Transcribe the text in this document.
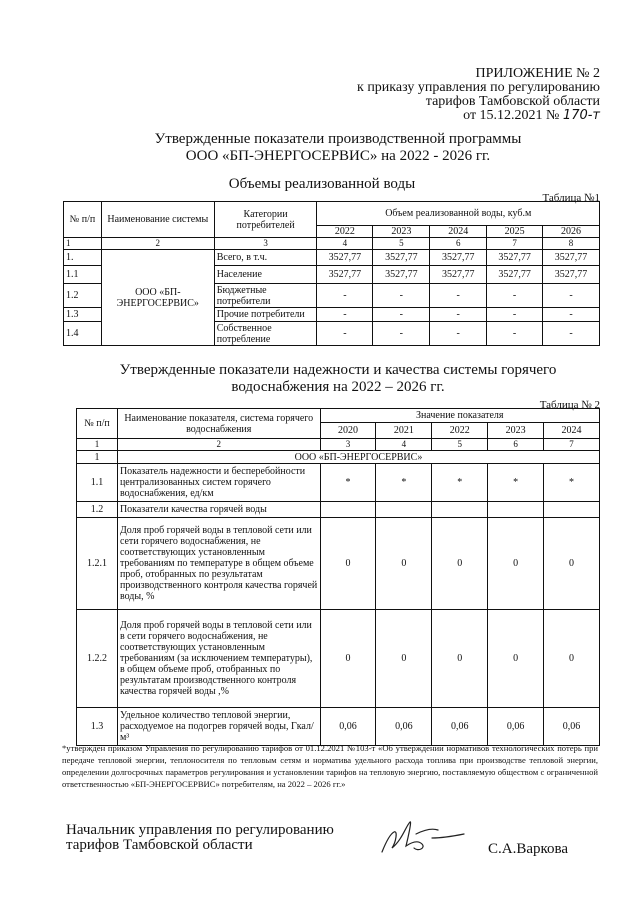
ПРИЛОЖЕНИЕ № 2
к приказу управления по регулированию
тарифов Тамбовской области
от 15.12.2021 № 170-т
Утвержденные показатели производственной программы
ООО «БП-ЭНЕРГОСЕРВИС» на 2022 - 2026 гг.
Объемы реализованной воды
Таблица №1
№ п/п	Наименование системы	Категории потребителей	Объем реализованной воды, куб.м				
			2022	2023	2024	2025	2026
1	2	3	4	5	6	7	8
1.	ООО «БП-ЭНЕРГОСЕРВИС»	Всего, в т.ч.	3527,77	3527,77	3527,77	3527,77	3527,77
1.1		Население	3527,77	3527,77	3527,77	3527,77	3527,77
1.2		Бюджетные потребители	-	-	-	-	-
1.3		Прочие потребители	-	-	-	-	-
1.4		Собственное потребление	-	-	-	-	-
Утвержденные показатели надежности и качества системы горячего
водоснабжения на 2022 – 2026 гг.
Таблица № 2
№ п/п	Наименование показателя, система горячего водоснабжения	Значение показателя				
		2020	2021	2022	2023	2024
1	2	3	4	5	6	7
1	ООО «БП-ЭНЕРГОСЕРВИС»					
1.1	Показатель надежности и бесперебойности централизованных систем горячего водоснабжения, ед/км	*	*	*	*	*
1.2	Показатели качества горячей воды					
1.2.1	Доля проб горячей воды в тепловой сети или сети горячего водоснабжения, не соответствующих установленным требованиям по температуре в общем объеме проб, отобранных по результатам производственного контроля качества горячей воды, %	0	0	0	0	0
1.2.2	Доля проб горячей воды в тепловой сети или в сети горячего водоснабжения, не соответствующих установленным требованиям (за исключением температуры), в общем объеме проб, отобранных по результатам производственного контроля качества горячей воды ,%	0	0	0	0	0
1.3	Удельное количество тепловой энергии, расходуемое на подогрев горячей воды, Гкал/м³	0,06	0,06	0,06	0,06	0,06
*утвержден приказом Управления по регулированию тарифов от 01.12.2021 №103-т «Об утверждении нормативов технологических потерь при передаче тепловой энергии, теплоносителя по тепловым сетям и норматива удельного расхода топлива при производстве тепловой энергии, определении долгосрочных параметров регулирования и установлении тарифов на тепловую энергию, поставляемую обществом с ограниченной ответственностью «БП-ЭНЕРГОСЕРВИС» потребителям, на 2022 – 2026 гг.»
Начальник управления по регулированию
тарифов Тамбовской области	С.А.Варкова
